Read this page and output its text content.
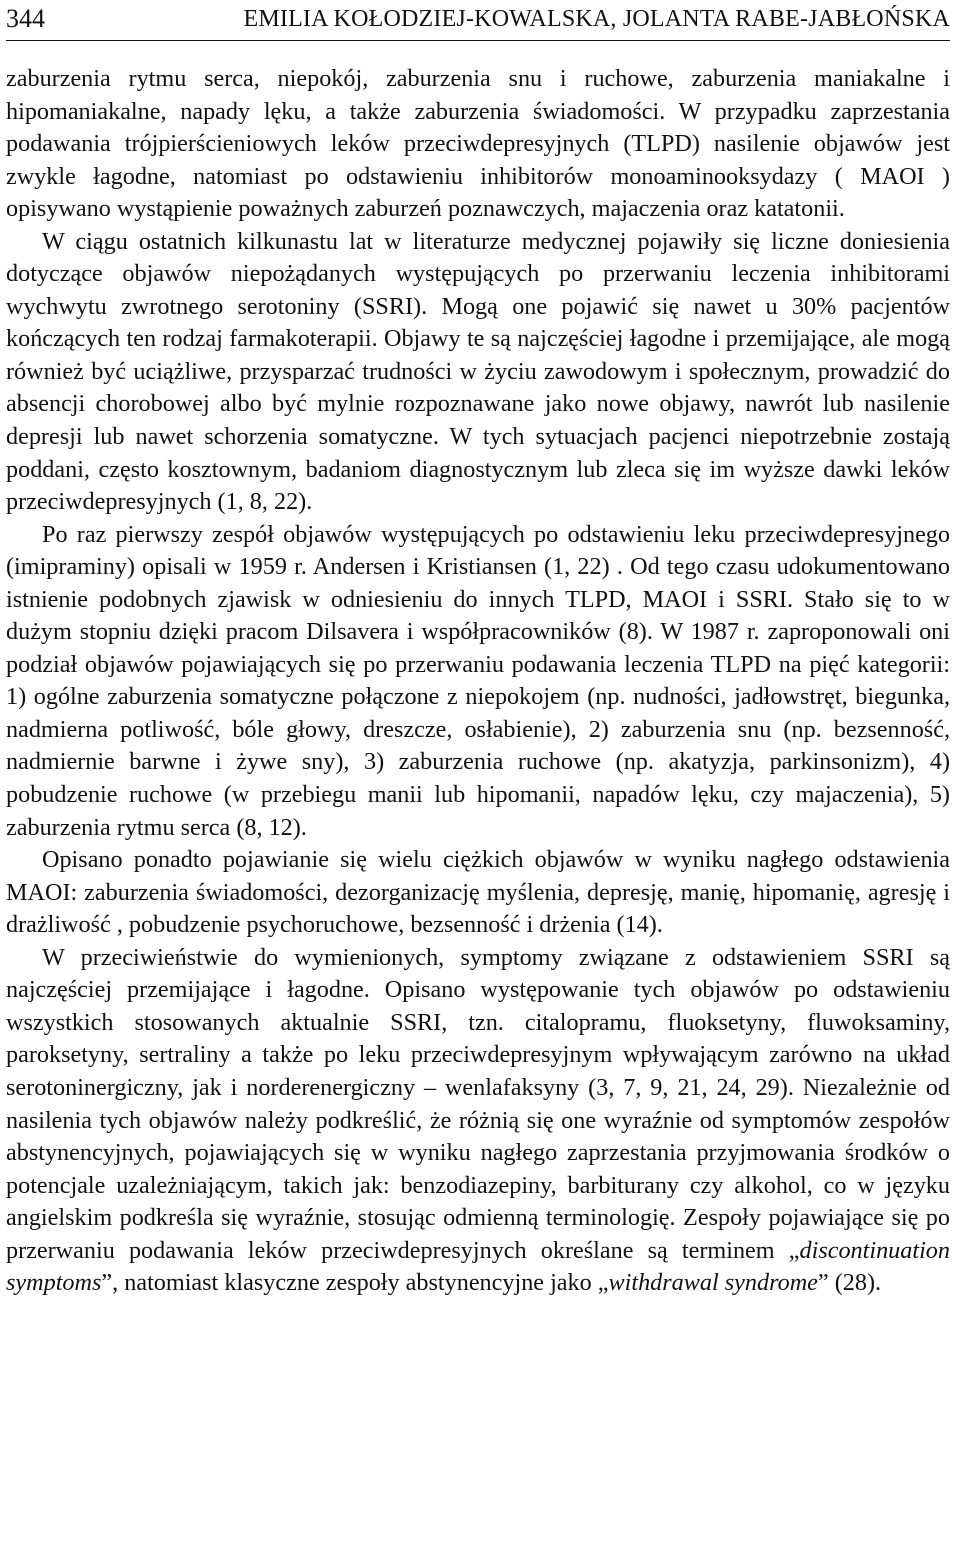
344	EMILIA KOŁODZIEJ-KOWALSKA, JOLANTA RABE-JABŁOŃSKA

zaburzenia rytmu serca, niepokój, zaburzenia snu i ruchowe, zaburzenia maniakalne i hipomaniakalne, napady lęku, a także zaburzenia świadomości. W przypadku zaprzestania podawania trójpierścieniowych leków przeciwdepresyjnych (TLPD) nasilenie objawów jest zwykle łagodne, natomiast po odstawieniu inhibitorów monoaminooksydazy ( MAOI ) opisywano wystąpienie poważnych zaburzeń poznawczych, majaczenia oraz katatonii.

W ciągu ostatnich kilkunastu lat w literaturze medycznej pojawiły się liczne doniesienia dotyczące objawów niepożądanych występujących po przerwaniu leczenia inhibitorami wychwytu zwrotnego serotoniny (SSRI). Mogą one pojawić się nawet u 30% pacjentów kończących ten rodzaj farmakoterapii. Objawy te są najczęściej łagodne i przemijające, ale mogą również być uciążliwe, przysparzać trudności w życiu zawodowym i społecznym, prowadzić do absencji chorobowej albo być mylnie rozpoznawane jako nowe objawy, nawrót lub nasilenie depresji lub nawet schorzenia somatyczne. W tych sytuacjach pacjenci niepotrzebnie zostają poddani, często kosztownym, badaniom diagnostycznym lub zleca się im wyższe dawki leków przeciwdepresyjnych (1, 8, 22).

Po raz pierwszy zespół objawów występujących po odstawieniu leku przeciwdepresyjnego (imipraminy) opisali w 1959 r. Andersen i Kristiansen (1, 22) . Od tego czasu udokumentowano istnienie podobnych zjawisk w odniesieniu do innych TLPD, MAOI i SSRI. Stało się to w dużym stopniu dzięki pracom Dilsavera i współpracowników (8). W 1987 r. zaproponowali oni podział objawów pojawiających się po przerwaniu podawania leczenia TLPD na pięć kategorii: 1) ogólne zaburzenia somatyczne połączone z niepokojem (np. nudności, jadłowstręt, biegunka, nadmierna potliwość, bóle głowy, dreszcze, osłabienie), 2) zaburzenia snu (np. bezsenność, nadmiernie barwne i żywe sny), 3) zaburzenia ruchowe (np. akatyzja, parkinsonizm), 4) pobudzenie ruchowe (w przebiegu manii lub hipomanii, napadów lęku, czy majaczenia), 5) zaburzenia rytmu serca (8, 12).

Opisano ponadto pojawianie się wielu ciężkich objawów w wyniku nagłego odstawienia MAOI: zaburzenia świadomości, dezorganizację myślenia, depresję, manię, hipomanię, agresję i drażliwość , pobudzenie psychoruchowe, bezsenność i drżenia (14).

W przeciwieństwie do wymienionych, symptomy związane z odstawieniem SSRI są najczęściej przemijające i łagodne. Opisano występowanie tych objawów po odstawieniu wszystkich stosowanych aktualnie SSRI, tzn. citalopramu, fluoksetyny, fluwoksaminy, paroksetyny, sertraliny a także po leku przeciwdepresyjnym wpływającym zarówno na układ serotoninergiczny, jak i norderenergiczny – wenlafaksyny (3, 7, 9, 21, 24, 29). Niezależnie od nasilenia tych objawów należy podkreślić, że różnią się one wyraźnie od symptomów zespołów abstynencyjnych, pojawiających się w wyniku nagłego zaprzestania przyjmowania środków o potencjale uzależniającym, takich jak: benzodiazepiny, barbiturany czy alkohol, co w języku angielskim podkreśla się wyraźnie, stosując odmienną terminologię. Zespoły pojawiające się po przerwaniu podawania leków przeciwdepresyjnych określane są terminem „discontinuation symptoms”, natomiast klasyczne zespoły abstynencyjne jako „withdrawal syndrome” (28).
